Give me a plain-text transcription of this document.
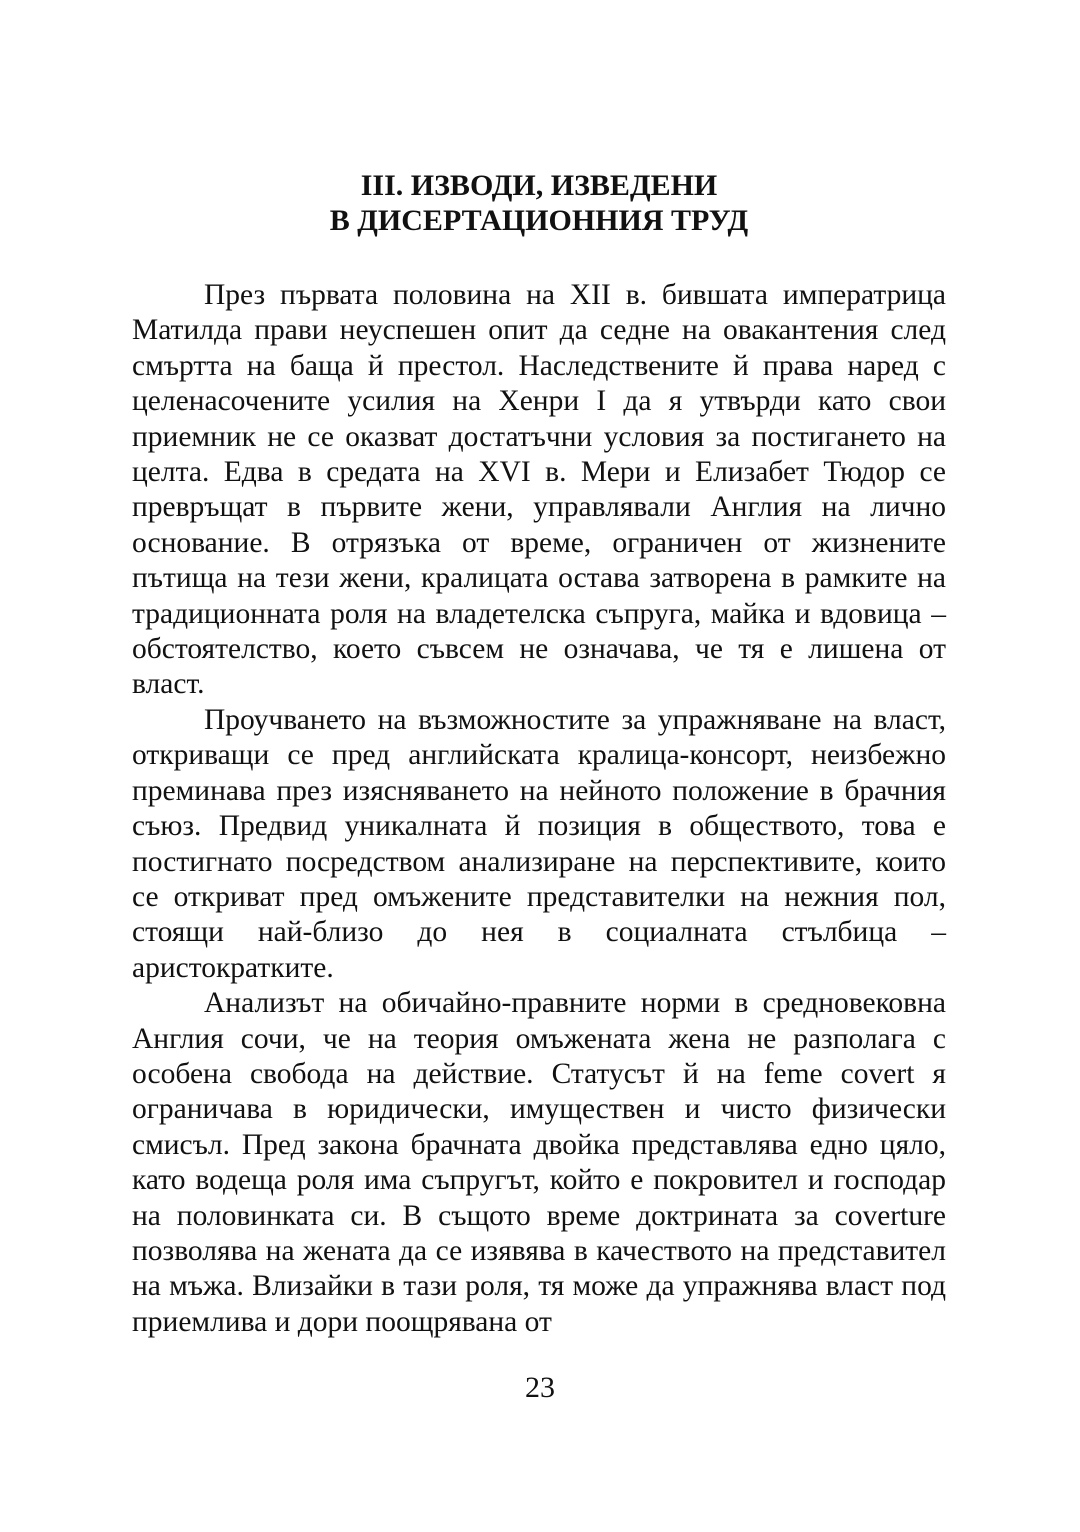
III. ИЗВОДИ, ИЗВЕДЕНИ
В ДИСЕРТАЦИОННИЯ ТРУД

През първата половина на XII в. бившата императрица Матилда прави неуспешен опит да седне на овакантения след смъртта на баща й престол. Наследствените й права наред с целенасочените усилия на Хенри I да я утвърди като свои приемник не се оказват достатъчни условия за постигането на целта. Едва в средата на XVI в. Мери и Елизабет Тюдор се превръщат в първите жени, управлявали Англия на лично основание. В отрязъка от време, ограничен от жизнените пътища на тези жени, кралицата остава затворена в рамките на традиционната роля на владетелска съпруга, майка и вдовица – обстоятелство, което съвсем не означава, че тя е лишена от власт.

Проучването на възможностите за упражняване на власт, откриващи се пред английската кралица-консорт, неизбежно преминава през изясняването на нейното положение в брачния съюз. Предвид уникалната й позиция в обществото, това е постигнато посредством анализиране на перспективите, които се откриват пред омъжените представителки на нежния пол, стоящи най-близо до нея в социалната стълбица – аристократките.

Анализът на обичайно-правните норми в средновековна Англия сочи, че на теория омъжената жена не разполага с особена свобода на действие. Статусът й на feme covert я ограничава в юридически, имуществен и чисто физически смисъл. Пред закона брачната двойка представлява едно цяло, като водеща роля има съпругът, който е покровител и господар на половинката си. В същото време доктрината за coverture позволява на жената да се изявява в качеството на представител на мъжа. Влизайки в тази роля, тя може да упражнява власт под приемлива и дори поощрявана от

23
